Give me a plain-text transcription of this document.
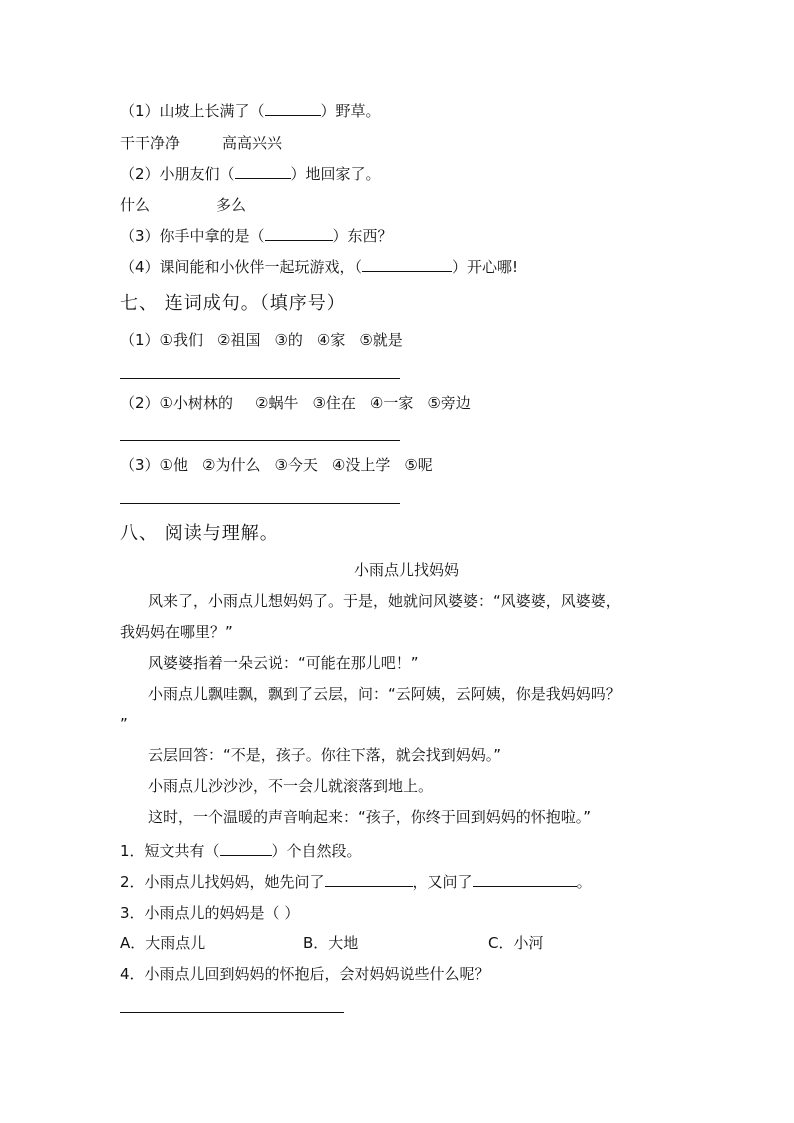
（1）山坡上长满了（	）野草。
干干净净	高高兴兴
（2）小朋友们（	）地回家了。
什么	多么
（3）你手中拿的是（	）东西？
（4）课间能和小伙伴一起玩游戏，（	）开心哪!
七、 连词成句。（填序号）
（1）①我们 ②祖国 ③的 ④家 ⑤就是
（2）①小树林的 ②蜗牛 ③住在 ④一家 ⑤旁边
（3）①他 ②为什么 ③今天 ④没上学 ⑤呢
八、 阅读与理解。
小雨点儿找妈妈
风来了，小雨点儿想妈妈了。于是，她就问风婆婆：“风婆婆，风婆婆，
我妈妈在哪里？”
风婆婆指着一朵云说：“可能在那儿吧！”
小雨点儿飘哇飘，飘到了云层，问：“云阿姨，云阿姨，你是我妈妈吗？
”
云层回答：“不是，孩子。你往下落，就会找到妈妈。”
小雨点儿沙沙沙，不一会儿就滚落到地上。
这时，一个温暖的声音响起来：“孩子，你终于回到妈妈的怀抱啦。”
1．短文共有（	）个自然段。
2．小雨点儿找妈妈，她先问了	，又问了	。
3．小雨点儿的妈妈是（ ）
A．大雨点儿	B．大地	C．小河
4．小雨点儿回到妈妈的怀抱后，会对妈妈说些什么呢？
